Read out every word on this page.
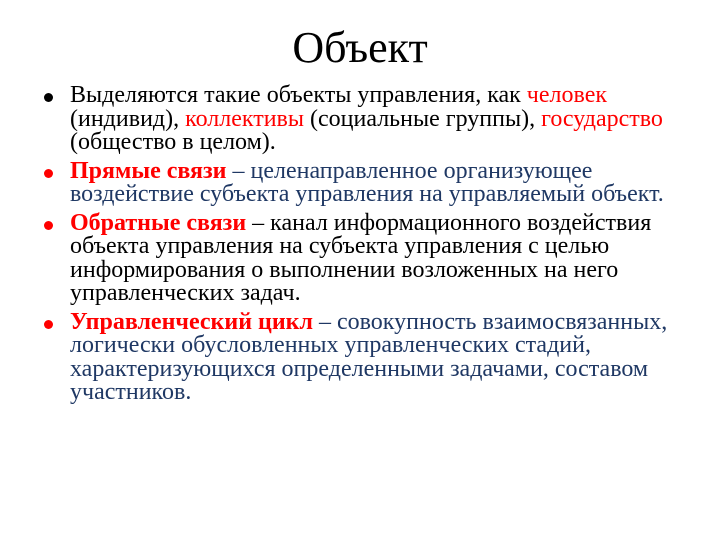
Объект
Выделяются такие объекты управления, как человек (индивид), коллективы (социальные группы), государство (общество в целом).
Прямые связи – целенаправленное организующее воздействие субъекта управления на управляемый объект.
Обратные связи – канал информационного воздействия объекта управления на субъекта управления с целью информирования о выполнении возложенных на него управленческих задач.
Управленческий цикл – совокупность взаимосвязанных, логически обусловленных управленческих стадий, характеризующихся определенными задачами, составом участников.
